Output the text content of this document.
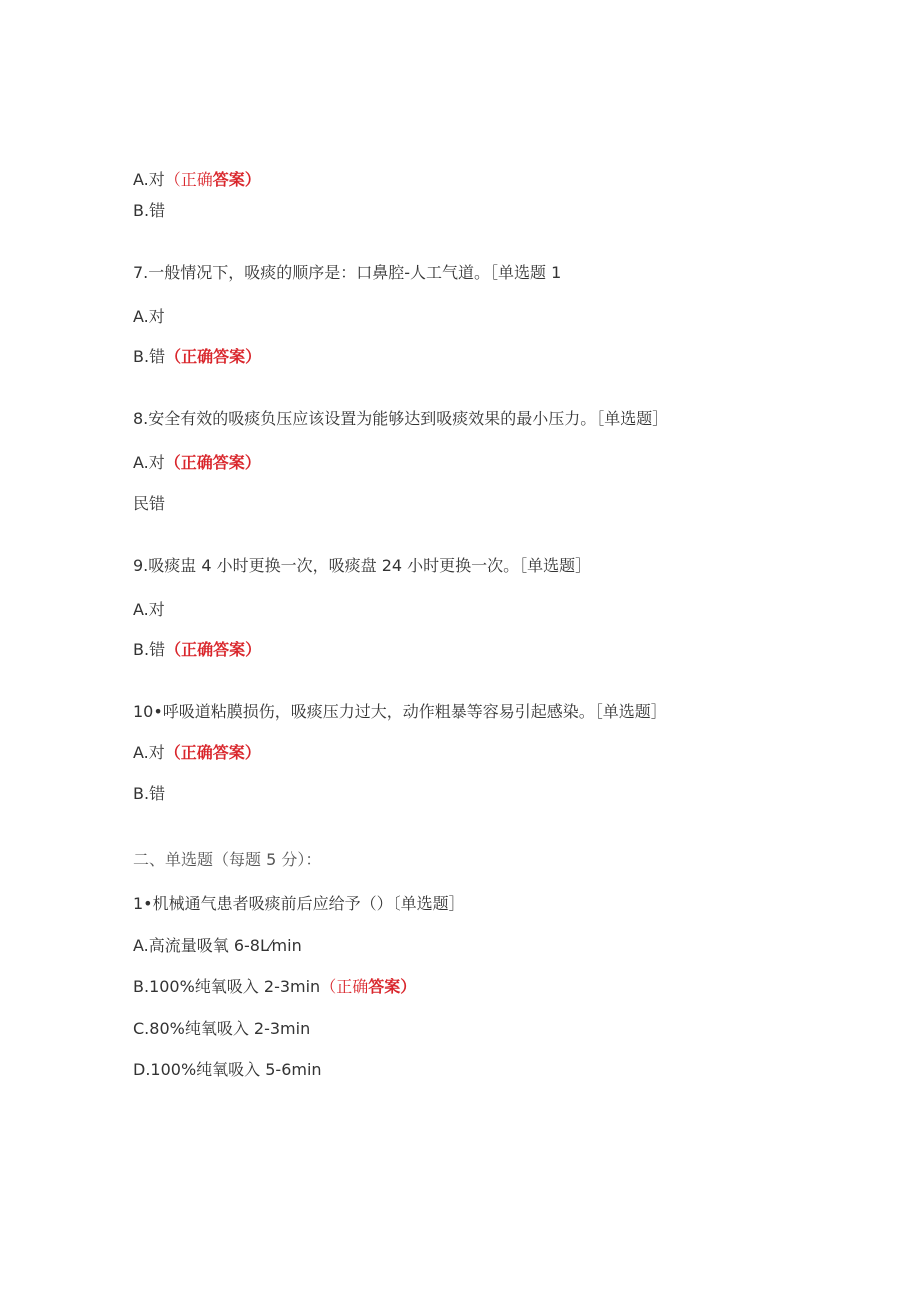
A.对（正确答案）
B.错
7.一般情况下，吸痰的顺序是：口鼻腔-人工气道。［单选题 1
A.对
B.错（正确答案）
8.安全有效的吸痰负压应该设置为能够达到吸痰效果的最小压力。［单选题］
A.对（正确答案）
民错
9.吸痰盅 4 小时更换一次，吸痰盘 24 小时更换一次。［单选题］
A.对
B.错（正确答案）
10•呼吸道粘膜损伤，吸痰压力过大，动作粗暴等容易引起感染。［单选题］
A.对（正确答案）
B.错
二、单选题（每题 5 分）：
1•机械通气患者吸痰前后应给予（）〔单选题］
A.高流量吸氧 6-8L⁄min
B.100%纯氧吸入 2-3min（正确答案）
C.80%纯氧吸入 2-3min
D.100%纯氧吸入 5-6min
